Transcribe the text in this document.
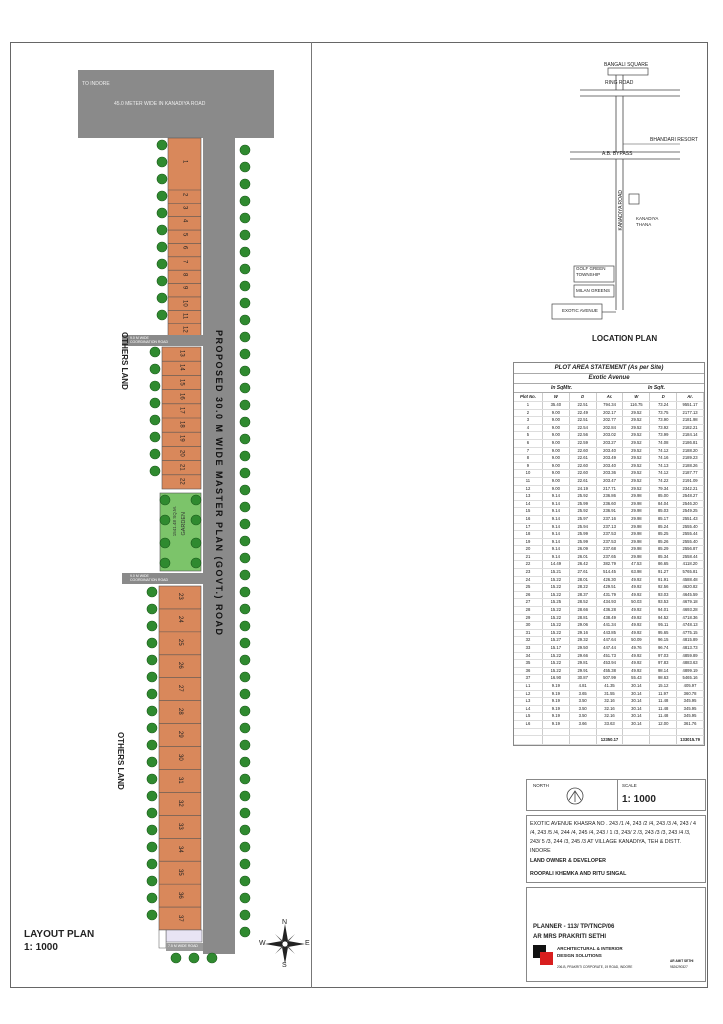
TO INDORE
45.0 METER WIDE IN KANADIYA ROAD
PROPOSED 30.0 M WIDE MASTER PLAN (GOVT.) ROAD
OTHERS LAND
OTHERS LAND
9.0 M WIDE COORDINATION ROAD
9.0 M WIDE COORDINATION ROAD
GARDEN
1541.48 SQ.M.
7.5 M WIDE ROAD
LAYOUT PLAN
1: 1000
N
E
S
W
1
2
3
4
5
6
7
8
9
10
11
12
13
14
15
16
17
18
19
20
21
22
23
24
25
26
27
28
29
30
31
32
33
34
35
36
37
BANGALI SQUARE
RING ROAD
BHANDARI RESORT
A.B. BYPASS
KANADIYA ROAD	KANADIYA THANA
GOLF GREEN TOWNSHIP
MILAN GREENS
EXOTIC AVENUE
LOCATION PLAN
PLOT AREA STATEMENT (As per Site)
Exotic Avenue
In SqMtr.	In Sqft.
Plot No.	W	D	Ar.	W	D	Ar.
1	35.40	22.51	794.34	116.75	73.24	9551.17
2	9.00	22.49	202.17	29.52	73.75	2177.13
3	9.00	22.51	202.77	29.52	73.90	2181.98
4	9.00	22.54	202.84	29.52	73.92	2182.21
5	9.00	22.56	203.02	29.52	73.99	2184.14
6	9.00	22.59	203.27	29.52	74.08	2186.81
7	9.00	22.60	203.40	29.52	74.12	2188.20
8	9.00	22.61	203.49	29.52	74.16	2189.23
9	9.00	22.60	203.40	29.52	74.13	2188.26
10	9.00	22.60	203.36	29.52	74.12	2187.77
11	9.00	22.61	203.47	29.52	74.22	2191.09
12	9.00	24.19	217.71	29.52	79.34	2342.21
13	9.14	25.92	236.86	29.98	85.00	2548.27
14	9.14	25.99	236.60	29.98	84.04	2546.20
15	9.14	25.92	236.91	29.98	85.03	2549.25
16	9.14	25.97	237.16	29.98	85.17	2551.43
17	9.14	25.94	237.13	29.98	85.24	2555.40
18	9.14	25.99	237.53	29.98	85.25	2555.44
19	9.14	25.99	237.53	29.98	85.26	2555.40
20	9.14	26.09	237.68	29.98	85.29	2556.87
21	9.14	26.01	237.65	29.98	85.34	2558.44
22	14.49	26.42	382.79	47.53	86.65	4118.20
23	15.21	27.61	514.45	63.98	91.27	5765.81
24	15.22	28.01	426.30	49.92	91.91	4588.48
25	15.22	28.22	429.51	49.92	92.56	4620.82
26	15.22	28.37	431.79	49.92	93.03	4645.59
27	15.25	28.52	434.93	50.03	93.53	4679.18
28	15.22	28.66	436.28	49.92	94.01	4693.28
29	15.22	28.81	438.49	49.92	94.52	4718.36
30	15.22	29.06	441.34	49.92	95.11	4748.13
31	15.22	29.16	443.85	49.92	95.65	4775.15
32	15.27	29.32	447.64	50.09	96.15	4815.89
33	15.17	29.50	447.44	49.76	96.74	4813.73
34	15.22	29.66	451.73	49.92	97.03	4859.89
35	15.22	29.81	453.94	49.92	97.83	4883.63
36	15.22	29.91	455.38	49.92	98.14	4899.19
37	16.90	30.87	507.99	55.43	98.63	5465.16
L1	9.19	4.81	41.35	30.14	15.12	405.97
L2	9.19	3.65	31.55	30.14	11.97	360.78
L3	9.19	3.50	32.16	30.14	11.48	345.95
L4	9.19	3.50	32.16	30.14	11.48	345.95
L5	9.19	3.50	32.16	30.14	11.48	345.95
L6	9.19	3.66	33.63	30.14	12.00	361.76

			12350.17			133015.79
NORTH	SCALE
1: 1000
EXOTIC AVENUE KHASRA NO . 243 /1 /4, 243 /2 /4, 243 /3 /4, 243 / 4 /4, 243 /5 /4, 244 /4, 245 /4, 243 / 1 /3, 243/ 2 /3, 243 /3 /3, 243 /4 /3, 243/ 5 /3, 244 /3, 245 /3 AT VILLAGE KANADIYA, TEH & DISTT. INDORE
LAND OWNER & DEVELOPER
ROOPALI KHEMKA AND RITU SINGAL
PLANNER - 113/ TP/TNCP/06
AR MRS PRAKRITI SETHI
ARCHITECTURAL & INTERIOR
DESIGN SOLUTIONS
206-B, PRAKRITI CORPORATE, 19 ROAD, INDORE
AR AMIT SETHI
9826290327
